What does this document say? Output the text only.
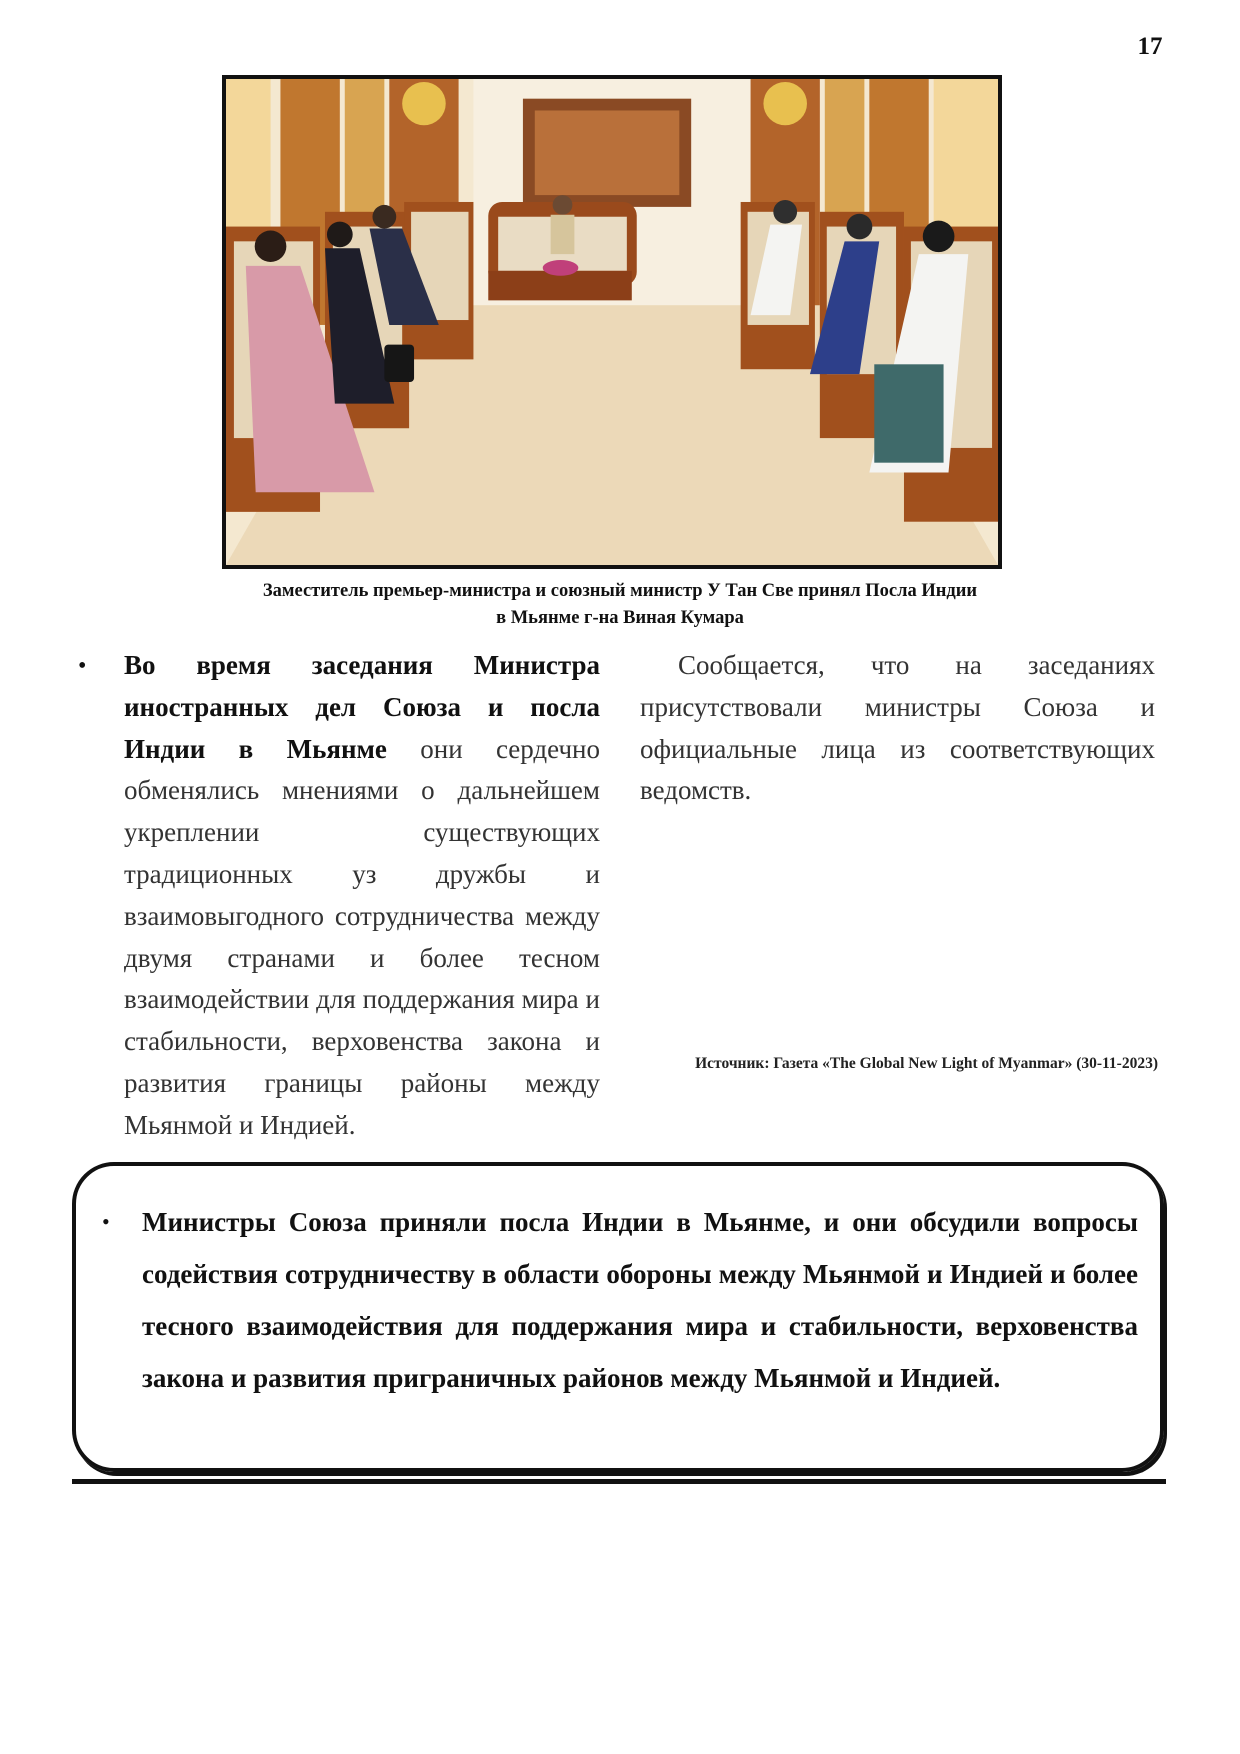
17
Заместитель премьер-министра и союзный министр У Тан Све принял Посла Индии
в Мьянме г-на Виная Кумара
•	Во время заседания Министра иностранных дел Союза и посла Индии в Мьянме они сердечно обменялись мнениями о дальнейшем укреплении существующих традиционных уз дружбы и взаимовыгодного сотрудничества между двумя странами и более тесном взаимодействии для поддержания мира и стабильности, верховенства закона и развития границы районы между Мьянмой и Индией.
Сообщается, что на заседаниях присутствовали министры Союза и официальные лица из соответствующих ведомств.
Источник: Газета «The Global New Light of Myanmar» (30-11-2023)
•	Министры Союза приняли посла Индии в Мьянме, и они обсудили вопросы содействия сотрудничеству в области обороны между Мьянмой и Индией и более тесного взаимодействия для поддержания мира и стабильности, верховенства закона и развития приграничных районов между Мьянмой и Индией.
